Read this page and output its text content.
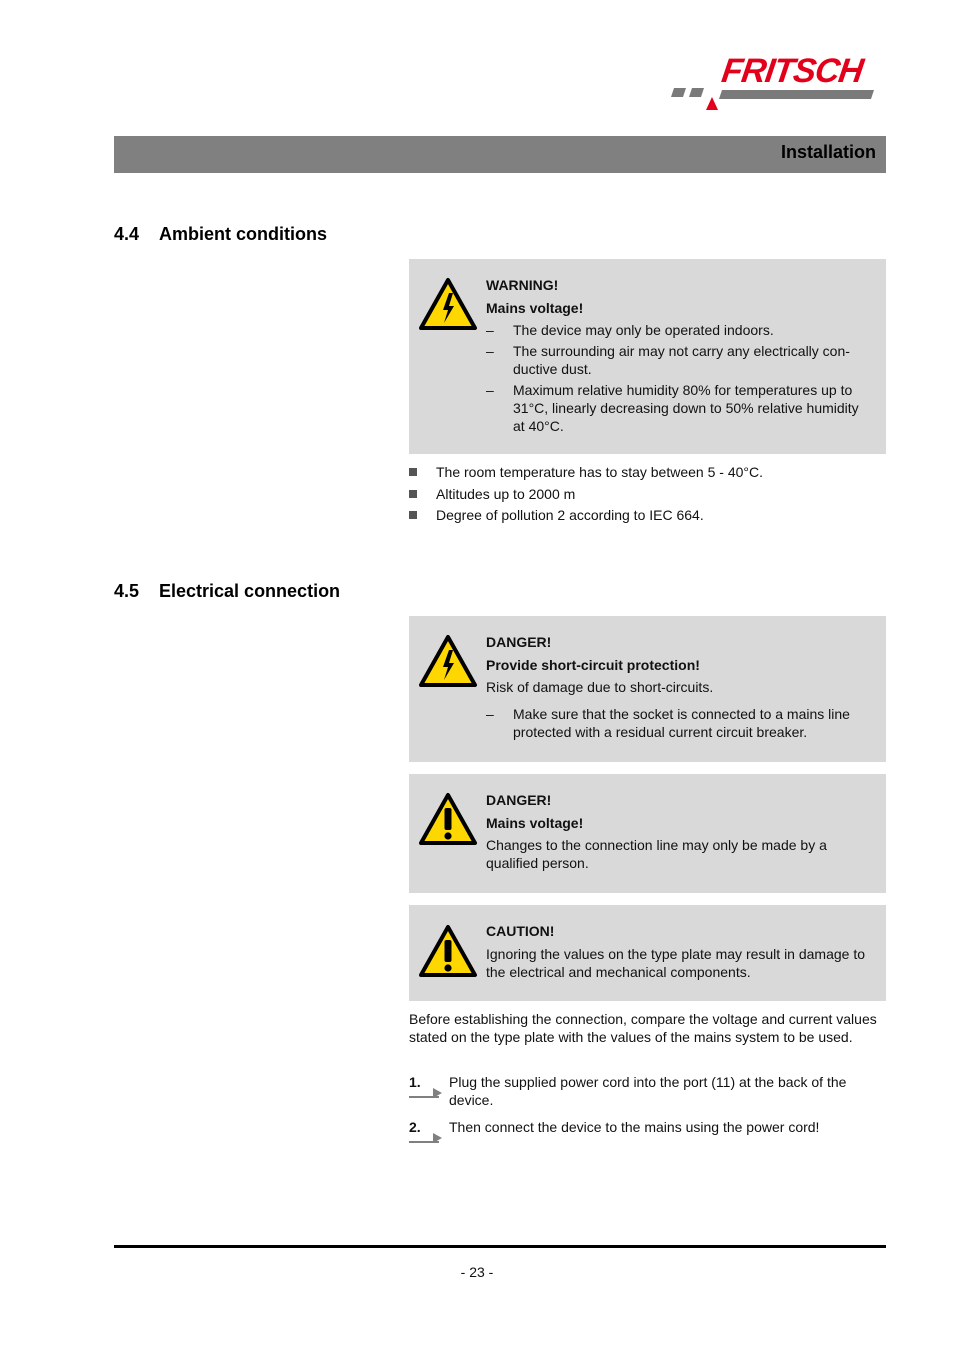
FRITSCH
Installation
4.4 Ambient conditions
WARNING!
Mains voltage!
– The device may only be operated indoors.
– The surrounding air may not carry any electrically con- ductive dust.
– Maximum relative humidity 80% for temperatures up to 31°C, linearly decreasing down to 50% relative humidity at 40°C.
The room temperature has to stay between 5 - 40°C.
Altitudes up to 2000 m
Degree of pollution 2 according to IEC 664.
4.5 Electrical connection
DANGER!
Provide short-circuit protection!
Risk of damage due to short-circuits.
– Make sure that the socket is connected to a mains line protected with a residual current circuit breaker.
DANGER!
Mains voltage!
Changes to the connection line may only be made by a qualified person.
CAUTION!
Ignoring the values on the type plate may result in damage to the electrical and mechanical components.
Before establishing the connection, compare the voltage and current values stated on the type plate with the values of the mains system to be used.
1. Plug the supplied power cord into the port (11) at the back of the device.
2. Then connect the device to the mains using the power cord!
- 23 -
